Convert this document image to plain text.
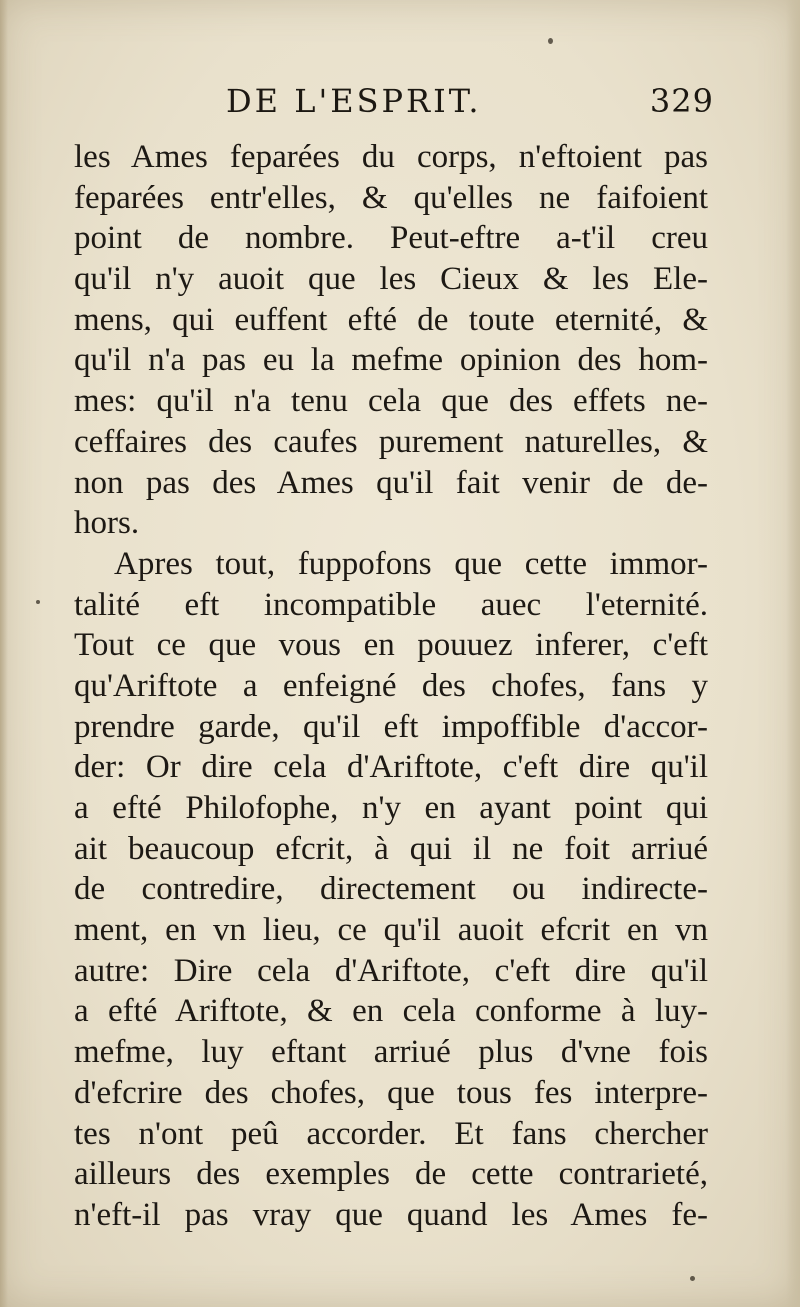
DE L'ESPRIT.	329
les Ames feparées du corps, n'eftoient pas
feparées entr'elles, & qu'elles ne faifoient
point de nombre. Peut-eftre a-t'il creu
qu'il n'y auoit que les Cieux & les Ele-
mens, qui euffent efté de toute eternité, &
qu'il n'a pas eu la mefme opinion des hom-
mes: qu'il n'a tenu cela que des effets ne-
ceffaires des caufes purement naturelles, &
non pas des Ames qu'il fait venir de de-
hors.
Apres tout, fuppofons que cette immor-
talité eft incompatible auec l'eternité.
Tout ce que vous en pouuez inferer, c'eft
qu'Ariftote a enfeigné des chofes, fans y
prendre garde, qu'il eft impoffible d'accor-
der: Or dire cela d'Ariftote, c'eft dire qu'il
a efté Philofophe, n'y en ayant point qui
ait beaucoup efcrit, à qui il ne foit arriué
de contredire, directement ou indirecte-
ment, en vn lieu, ce qu'il auoit efcrit en vn
autre: Dire cela d'Ariftote, c'eft dire qu'il
a efté Ariftote, & en cela conforme à luy-
mefme, luy eftant arriué plus d'vne fois
d'efcrire des chofes, que tous fes interpre-
tes n'ont peû accorder. Et fans chercher
ailleurs des exemples de cette contrarieté,
n'eft-il pas vray que quand les Ames fe-
